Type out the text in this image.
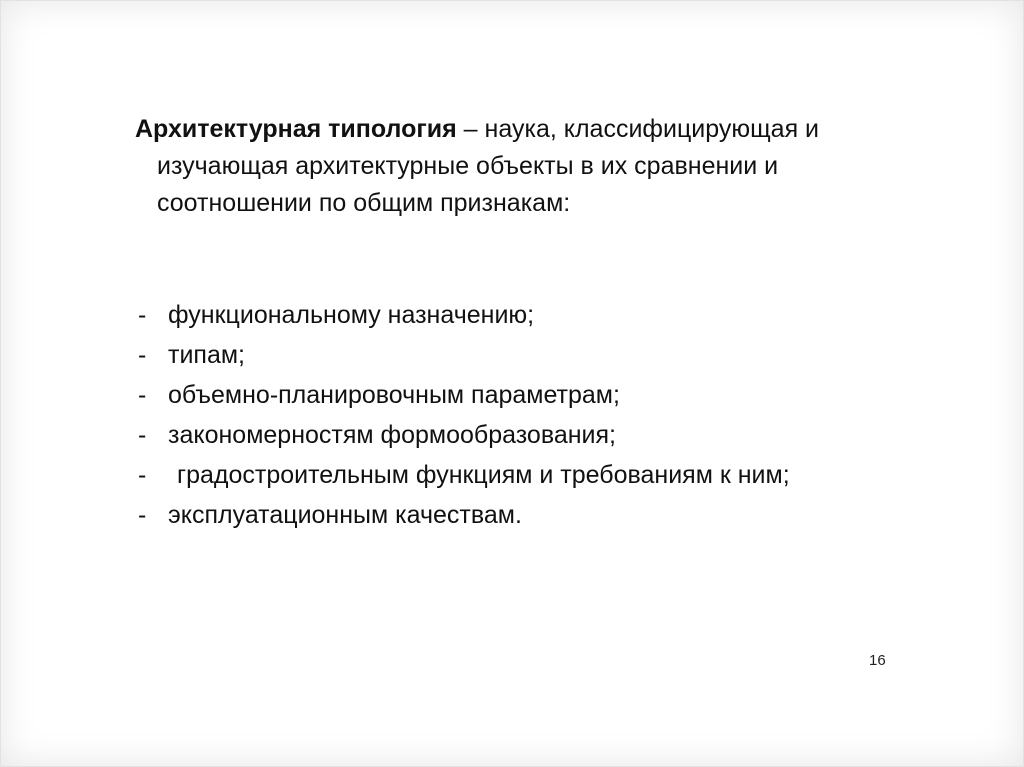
Архитектурная типология – наука, классифицирующая и изучающая архитектурные объекты в их сравнении и соотношении по общим признакам:

- функциональному назначению;
- типам;
- объемно-планировочным параметрам;
- закономерностям формообразования;
- градостроительным функциям и требованиям к ним;
- эксплуатационным качествам.
16
